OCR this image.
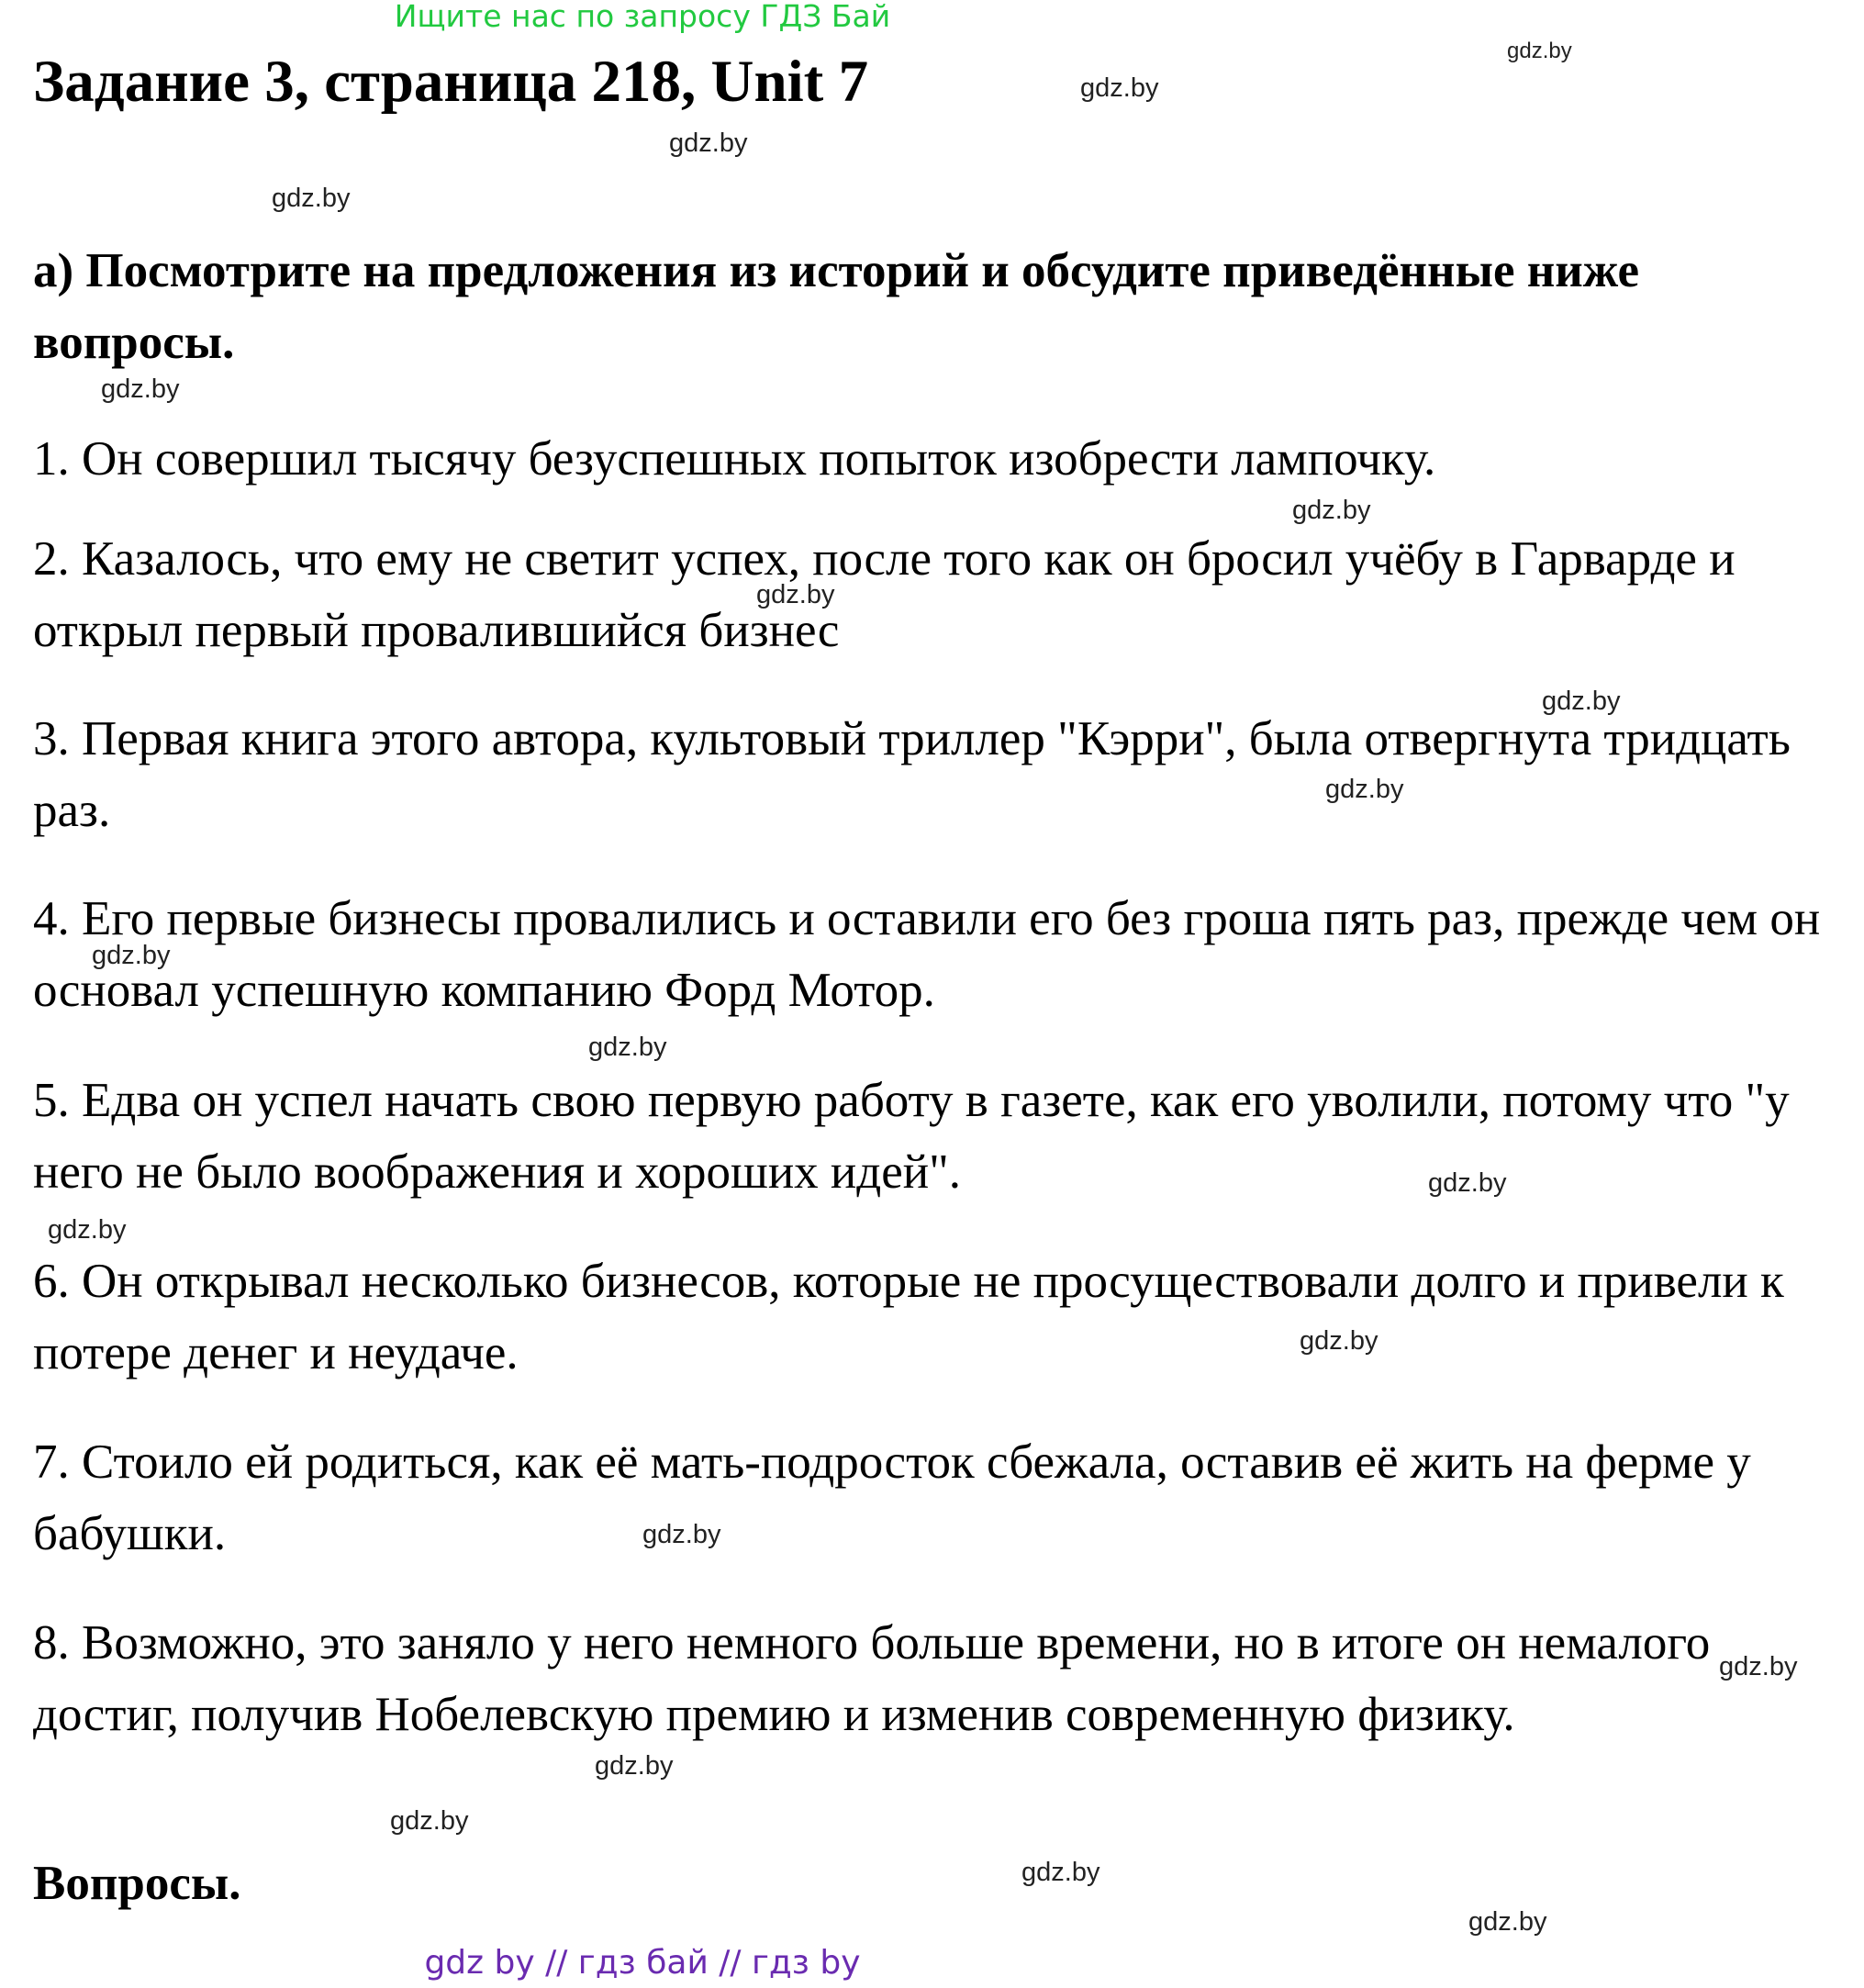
Ищите нас по запросу ГДЗ Бай
Задание 3, страница 218, Unit 7

а) Посмотрите на предложения из историй и обсудите приведённые ниже вопросы.

1. Он совершил тысячу безуспешных попыток изобрести лампочку.

2. Казалось, что ему не светит успех, после того как он бросил учёбу в Гарварде и открыл первый провалившийся бизнес

3. Первая книга этого автора, культовый триллер "Кэрри", была отвергнута тридцать раз.

4. Его первые бизнесы провалились и оставили его без гроша пять раз, прежде чем он основал успешную компанию Форд Мотор.

5. Едва он успел начать свою первую работу в газете, как его уволили, потому что "у него не было воображения и хороших идей".

6. Он открывал несколько бизнесов, которые не просуществовали долго и привели к потере денег и неудаче.

7. Стоило ей родиться, как её мать-подросток сбежала, оставив её жить на ферме у бабушки.

8. Возможно, это заняло у него немного больше времени, но в итоге он немалого достиг, получив Нобелевскую премию и изменив современную физику.

Вопросы.
gdz.by
gdz.by
gdz.by
gdz.by
gdz.by
gdz.by
gdz.by
gdz.by
gdz.by
gdz.by
gdz.by
gdz.by
gdz.by
gdz.by
gdz.by
gdz.by
gdz.by
gdz.by
gdz.by
gdz.by
gdz by // гдз бай // гдз by
